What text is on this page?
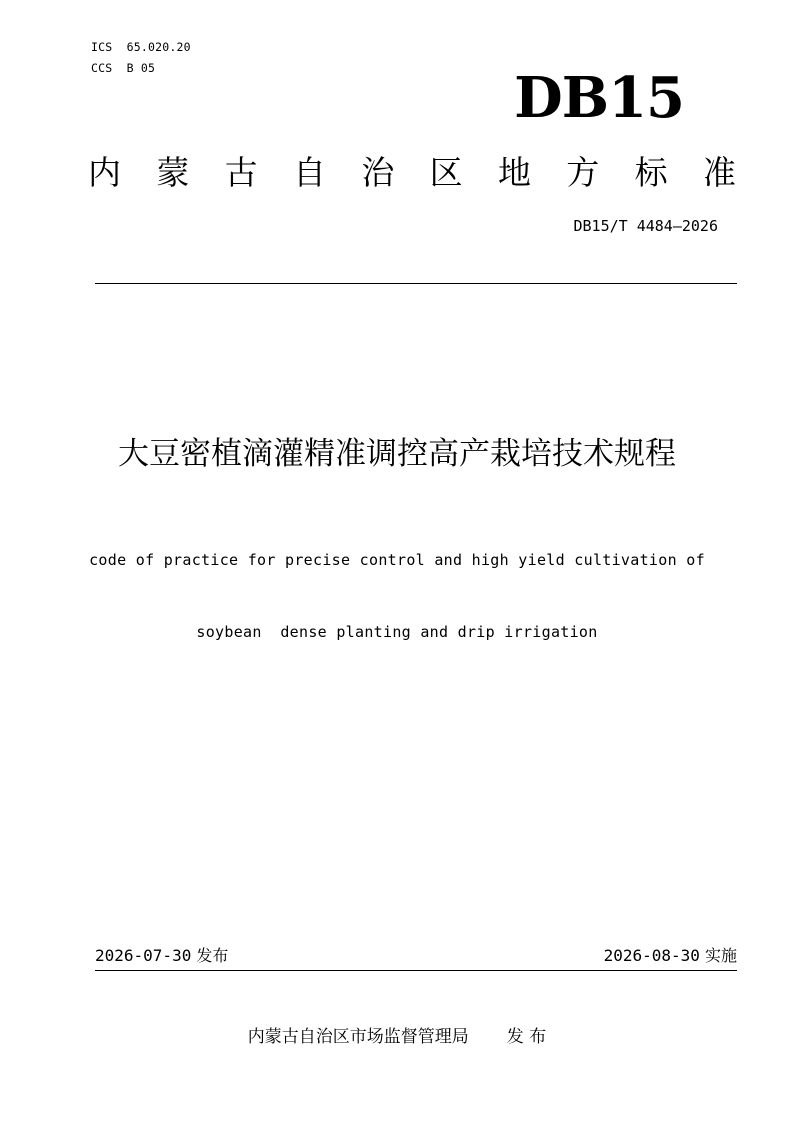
ICS  65.020.20
CCS  B 05	DB15
内 蒙 古 自 治 区 地 方 标 准
DB15/T 4484—2026
大豆密植滴灌精准调控高产栽培技术规程

code of practice for precise control and high yield cultivation of

soybean  dense planting and drip irrigation

2026-07-30 发布	2026-08-30 实施
内蒙古自治区市场监督管理局 发 布
